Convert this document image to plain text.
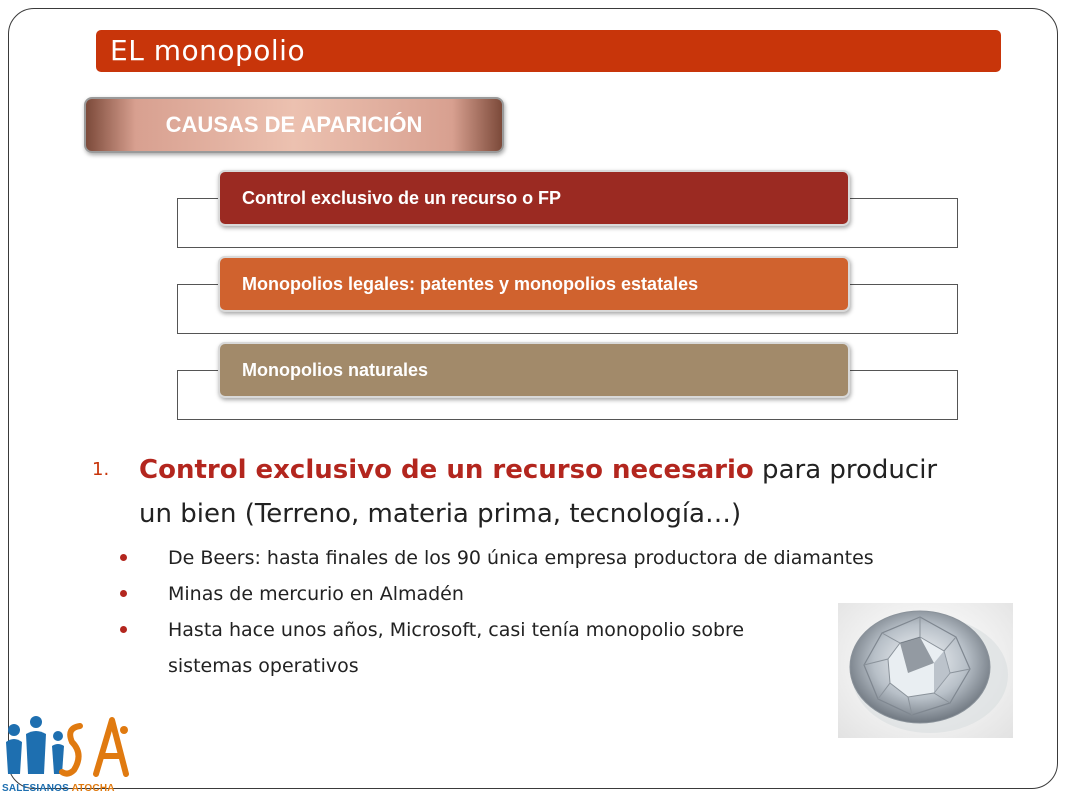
EL monopolio
CAUSAS DE APARICIÓN
Control exclusivo de un recurso o FP
Monopolios legales: patentes y monopolios estatales
Monopolios naturales
1. Control exclusivo de un recurso necesario para producir un bien (Terreno, materia prima, tecnología…)
De Beers: hasta finales de los 90 única empresa productora de diamantes
Minas de mercurio en Almadén
Hasta hace unos años, Microsoft, casi tenía monopolio sobre sistemas operativos
SALESIANOS ATOCHA
